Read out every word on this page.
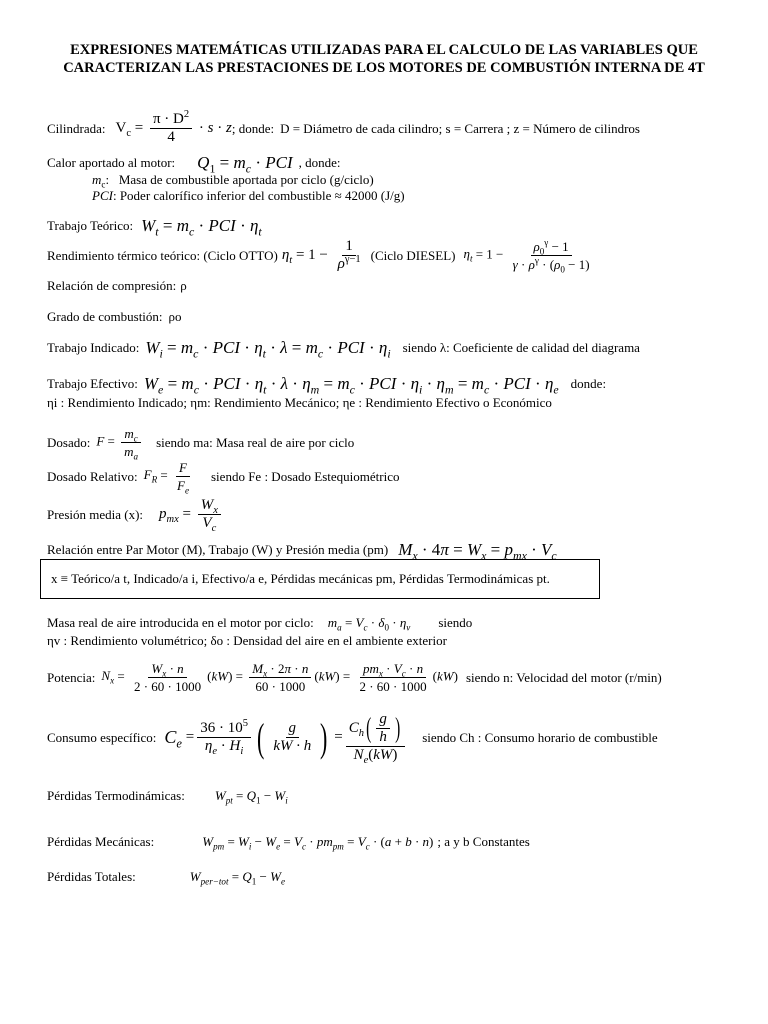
EXPRESIONES MATEMÁTICAS UTILIZADAS PARA EL CALCULO DE LAS VARIABLES QUE CARACTERIZAN LAS PRESTACIONES DE LOS MOTORES DE COMBUSTIÓN INTERNA DE 4T
Cilindrada: $V_c = \frac{\pi \cdot D^2}{4} \cdot s \cdot z$ ; donde: D = Diámetro de cada cilindro; s = Carrera ; z = Número de cilindros
Calor aportado al motor: $Q_1 = m_c$ · PCI , donde:
$m_c$:   Masa de combustible aportada por ciclo (g/ciclo)
PCI: Poder calorífico inferior del combustible ≈ 42000 (J/g)
Trabajo Teórico: $W_t = m_c$ · PCI · $\eta_t$
Rendimiento térmico teórico: (Ciclo OTTO) $\eta_t = 1 - \frac{1}{\rho^{\gamma-1}}$ (Ciclo DIESEL) $\eta_t = 1 - \frac{\rho_0^\gamma - 1}{\gamma \cdot \rho^\gamma \cdot (\rho_0 - 1)}$
Relación de compresión: ρ
Grado de combustión: ρo
Trabajo Indicado: $W_i = m_c$ · PCI · $\eta_t \cdot \lambda = m_c$ · PCI · $\eta_i$ siendo λ: Coeficiente de calidad del diagrama
Trabajo Efectivo: $W_e = m_c$ · PCI · $\eta_t \cdot \lambda \cdot \eta_m = m_c$ · PCI · $\eta_i \cdot \eta_m = m_c$ · PCI · $\eta_e$ donde:
ηi : Rendimiento Indicado; ηm: Rendimiento Mecánico; ηe : Rendimiento Efectivo o Económico
Dosado: $F = \frac{m_c}{m_a}$ siendo ma: Masa real de aire por ciclo
Dosado Relativo: $F_R = \frac{F}{F_e}$ siendo Fe : Dosado Estequiométrico
Presión media (x): $p_{mx} = \frac{W_x}{V_c}$
Relación entre Par Motor (M), Trabajo (W) y Presión media (pm) $M_x \cdot 4\pi = W_x = p_{mx} \cdot V_c$
x ≡ Teórico/a t, Indicado/a i, Efectivo/a e, Pérdidas mecánicas pm, Pérdidas Termodinámicas pt.
Masa real de aire introducida en el motor por ciclo: $m_a = V_c \cdot \delta_0 \cdot \eta_v$ siendo
ηv : Rendimiento volumétrico; δo : Densidad del aire en el ambiente exterior
Potencia: $N_x = \frac{W_x \cdot n}{2 \cdot 60 \cdot 1000} (kW) = \frac{M_x \cdot 2\pi \cdot n}{60 \cdot 1000} (kW) = \frac{pm_x \cdot V_c \cdot n}{2 \cdot 60 \cdot 1000} (kW)$ siendo n: Velocidad del motor (r/min)
Consumo específico: $C_e = \frac{36 \cdot 10^5}{\eta_e \cdot H_i}$ ( $\frac{g}{kW \cdot h}$ ) = $\frac{C_h ( \frac{g}{h} )}{N_e(kW)}$ siendo Ch : Consumo horario de combustible
Pérdidas Termodinámicas: $W_{pt} = Q_1 - W_i$
Pérdidas Mecánicas:	$W_{pm} = W_i - W_e = V_c \cdot pm_{pm} = V_c \cdot (a + b \cdot n)$ ; a y b Constantes
Pérdidas Totales:	$W_{per-tot} = Q_1 - W_e$
